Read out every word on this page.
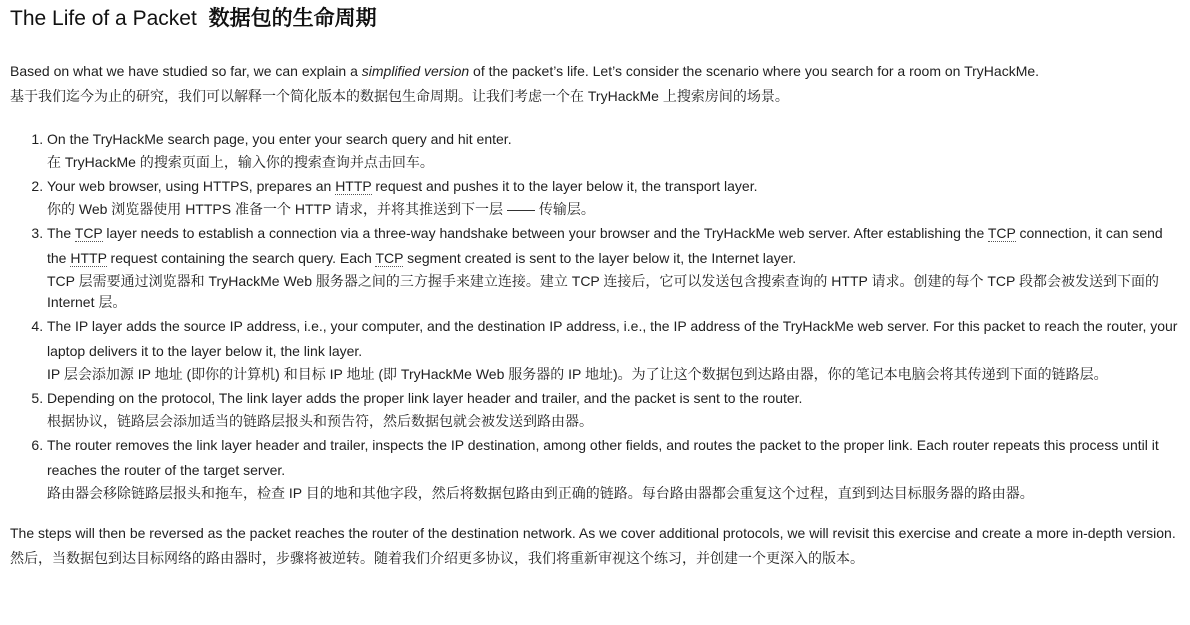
The Life of a Packet 数据包的生命周期

Based on what we have studied so far, we can explain a simplified version of the packet’s life. Let’s consider the scenario where you search for a room on TryHackMe.

基于我们迄今为止的研究，我们可以解释一个简化版本的数据包生命周期。让我们考虑一个在 TryHackMe 上搜索房间的场景。

1. On the TryHackMe search page, you enter your search query and hit enter.
在 TryHackMe 的搜索页面上，输入你的搜索查询并点击回车。
2. Your web browser, using HTTPS, prepares an HTTP request and pushes it to the layer below it, the transport layer.
你的 Web 浏览器使用 HTTPS 准备一个 HTTP 请求，并将其推送到下一层 —— 传输层。
3. The TCP layer needs to establish a connection via a three-way handshake between your browser and the TryHackMe web server. After establishing the TCP connection, it can send the HTTP request containing the search query. Each TCP segment created is sent to the layer below it, the Internet layer.
TCP 层需要通过浏览器和 TryHackMe Web 服务器之间的三方握手来建立连接。建立 TCP 连接后，它可以发送包含搜索查询的 HTTP 请求。创建的每个 TCP 段都会被发送到下面的 Internet 层。
4. The IP layer adds the source IP address, i.e., your computer, and the destination IP address, i.e., the IP address of the TryHackMe web server. For this packet to reach the router, your laptop delivers it to the layer below it, the link layer.
IP 层会添加源 IP 地址 (即你的计算机) 和目标 IP 地址 (即 TryHackMe Web 服务器的 IP 地址)。为了让这个数据包到达路由器，你的笔记本电脑会将其传递到下面的链路层。
5. Depending on the protocol, The link layer adds the proper link layer header and trailer, and the packet is sent to the router.
根据协议，链路层会添加适当的链路层报头和预告符，然后数据包就会被发送到路由器。
6. The router removes the link layer header and trailer, inspects the IP destination, among other fields, and routes the packet to the proper link. Each router repeats this process until it reaches the router of the target server.
路由器会移除链路层报头和拖车，检查 IP 目的地和其他字段，然后将数据包路由到正确的链路。每台路由器都会重复这个过程，直到到达目标服务器的路由器。

The steps will then be reversed as the packet reaches the router of the destination network. As we cover additional protocols, we will revisit this exercise and create a more in-depth version.

然后，当数据包到达目标网络的路由器时，步骤将被逆转。随着我们介绍更多协议，我们将重新审视这个练习，并创建一个更深入的版本。
